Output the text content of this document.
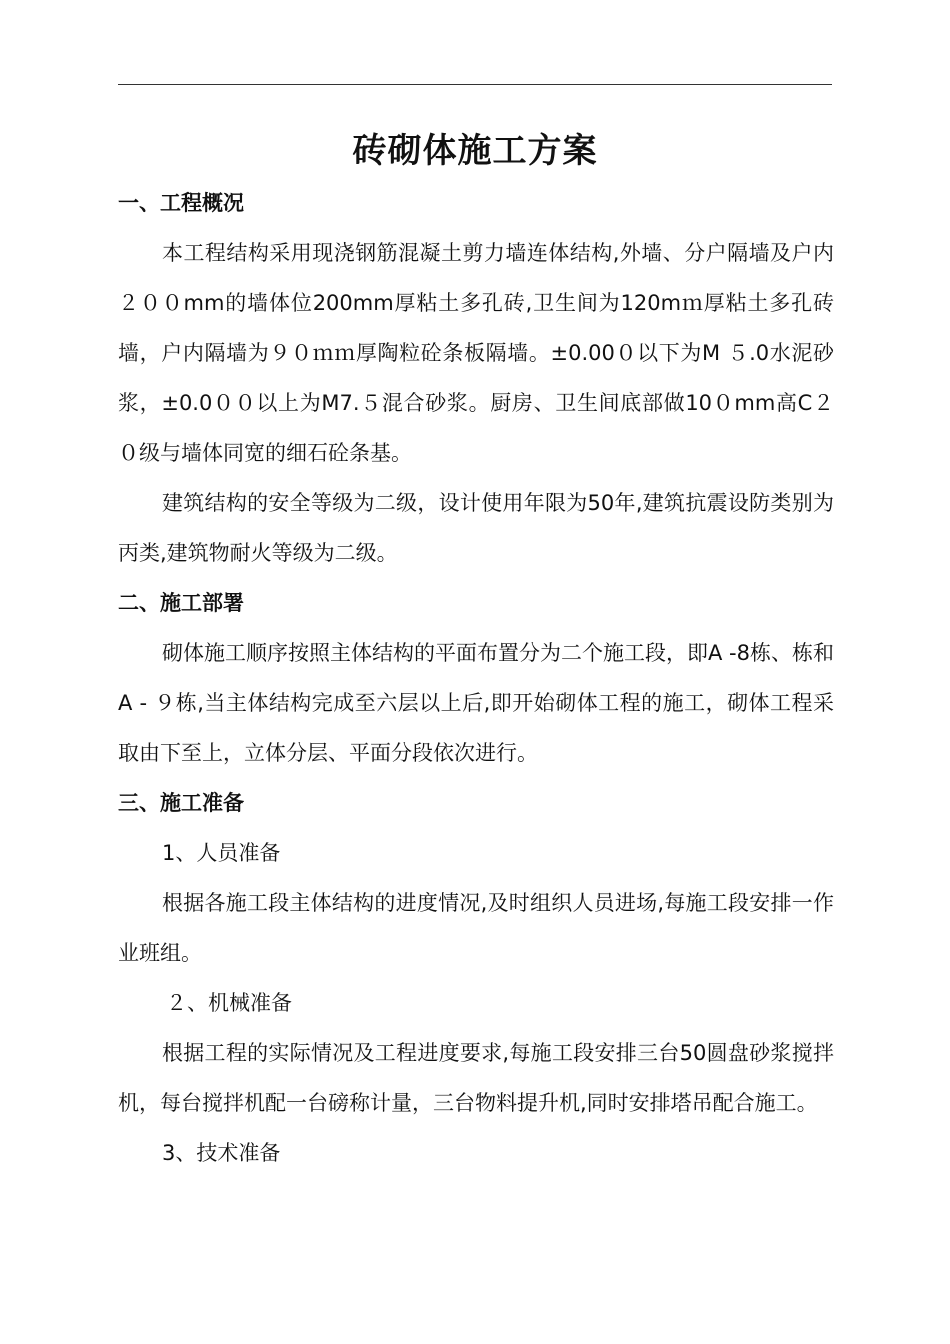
砖砌体施工方案
一、工程概况

本工程结构采用现浇钢筋混凝土剪力墙连体结构,外墙、分户隔墙及户内２００mm的墙体位200mm厚粘土多孔砖,卫生间为120mｍ厚粘土多孔砖墙，户内隔墙为９０ｍｍ厚陶粒砼条板隔墙。±0.00０以下为M ５.0水泥砂浆，±0.0００以上为M7.５混合砂浆。厨房、卫生间底部做10０mm高C２０级与墙体同宽的细石砼条基。

建筑结构的安全等级为二级，设计使用年限为50年,建筑抗震设防类别为丙类,建筑物耐火等级为二级。

二、施工部署

砌体施工顺序按照主体结构的平面布置分为二个施工段，即A -8栋、栋和A - ９栋,当主体结构完成至六层以上后,即开始砌体工程的施工，砌体工程采取由下至上，立体分层、平面分段依次进行。

三、施工准备
1、人员准备

根据各施工段主体结构的进度情况,及时组织人员进场,每施工段安排一作业班组。

２、机械准备

根据工程的实际情况及工程进度要求,每施工段安排三台50圆盘砂浆搅拌机，每台搅拌机配一台磅称计量，三台物料提升机,同时安排塔吊配合施工。

3、技术准备
